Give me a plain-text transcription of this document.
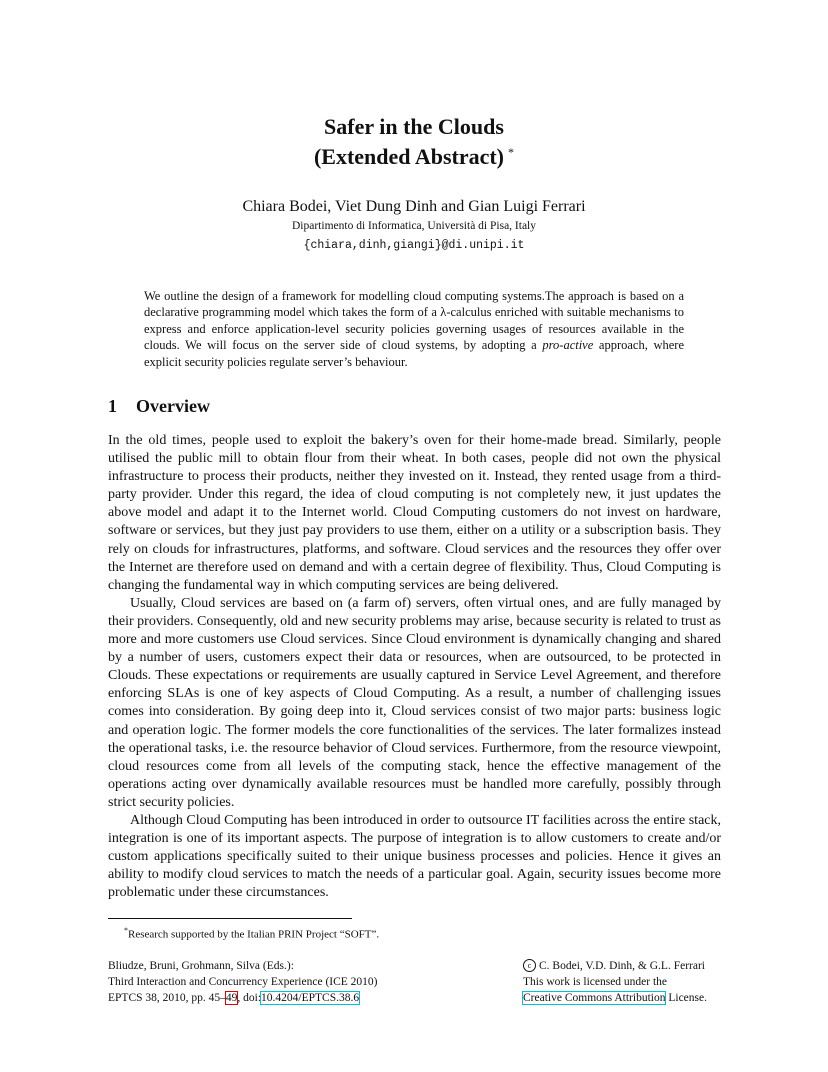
Safer in the Clouds
(Extended Abstract) *
Chiara Bodei, Viet Dung Dinh and Gian Luigi Ferrari
Dipartimento di Informatica, Università di Pisa, Italy
{chiara,dinh,giangi}@di.unipi.it
We outline the design of a framework for modelling cloud computing systems.The approach is based on a declarative programming model which takes the form of a λ-calculus enriched with suitable mechanisms to express and enforce application-level security policies governing usages of resources available in the clouds. We will focus on the server side of cloud systems, by adopting a pro-active approach, where explicit security policies regulate server’s behaviour.
1 Overview

In the old times, people used to exploit the bakery’s oven for their home-made bread. Similarly, people utilised the public mill to obtain flour from their wheat. In both cases, people did not own the physical infrastructure to process their products, neither they invested on it. Instead, they rented usage from a third-party provider. Under this regard, the idea of cloud computing is not completely new, it just updates the above model and adapt it to the Internet world. Cloud Computing customers do not invest on hardware, software or services, but they just pay providers to use them, either on a utility or a subscription basis. They rely on clouds for infrastructures, platforms, and software. Cloud services and the resources they offer over the Internet are therefore used on demand and with a certain degree of flexibility. Thus, Cloud Computing is changing the fundamental way in which computing services are being delivered.

Usually, Cloud services are based on (a farm of) servers, often virtual ones, and are fully managed by their providers. Consequently, old and new security problems may arise, because security is related to trust as more and more customers use Cloud services. Since Cloud environment is dynamically changing and shared by a number of users, customers expect their data or resources, when are outsourced, to be protected in Clouds. These expectations or requirements are usually captured in Service Level Agreement, and therefore enforcing SLAs is one of key aspects of Cloud Computing. As a result, a number of challenging issues comes into consideration. By going deep into it, Cloud services consist of two major parts: business logic and operation logic. The former models the core functionalities of the services. The later formalizes instead the operational tasks, i.e. the resource behavior of Cloud services. Furthermore, from the resource viewpoint, cloud resources come from all levels of the computing stack, hence the effective management of the operations acting over dynamically available resources must be handled more carefully, possibly through strict security policies.

Although Cloud Computing has been introduced in order to outsource IT facilities across the entire stack, integration is one of its important aspects. The purpose of integration is to allow customers to create and/or custom applications specifically suited to their unique business processes and policies. Hence it gives an ability to modify cloud services to match the needs of a particular goal. Again, security issues become more problematic under these circumstances.

*Research supported by the Italian PRIN Project “SOFT”.
Bliudze, Bruni, Grohmann, Silva (Eds.):
Third Interaction and Concurrency Experience (ICE 2010)
EPTCS 38, 2010, pp. 45–49, doi:10.4204/EPTCS.38.6
c C. Bodei, V.D. Dinh, & G.L. Ferrari
This work is licensed under the
Creative Commons Attribution License.
